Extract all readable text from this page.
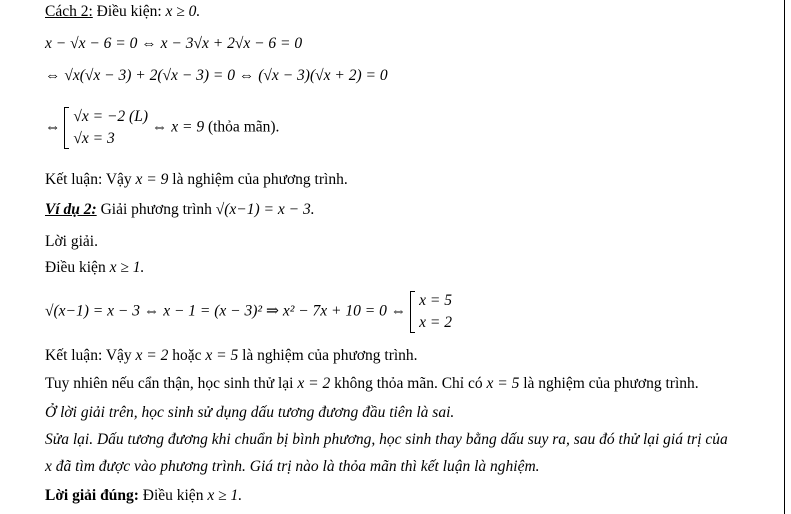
Cách 2: Điều kiện: x ≥ 0.
x − √x − 6 = 0 ⇔ x − 3√x + 2√x − 6 = 0
⇔ √x(√x − 3) + 2(√x − 3) = 0 ⇔ (√x − 3)(√x + 2) = 0
⇔
√x = −2 (L)
√x = 3
⇔ x = 9 (thỏa mãn).
Kết luận: Vậy x = 9 là nghiệm của phương trình.
Ví dụ 2: Giải phương trình √(x−1) = x − 3.
Lời giải.
Điều kiện x ≥ 1.
√(x−1) = x − 3 ⇔ x − 1 = (x − 3)² ⇒ x² − 7x + 10 = 0 ⇔
x = 5
x = 2
Kết luận: Vậy x = 2 hoặc x = 5 là nghiệm của phương trình.
Tuy nhiên nếu cẩn thận, học sinh thử lại x = 2 không thỏa mãn. Chỉ có x = 5 là nghiệm của phương trình.
Ở lời giải trên, học sinh sử dụng dấu tương đương đầu tiên là sai.
Sửa lại. Dấu tương đương khi chuẩn bị bình phương, học sinh thay bằng dấu suy ra, sau đó thử lại giá trị của
x đã tìm được vào phương trình. Giá trị nào là thỏa mãn thì kết luận là nghiệm.
Lời giải đúng: Điều kiện x ≥ 1.
